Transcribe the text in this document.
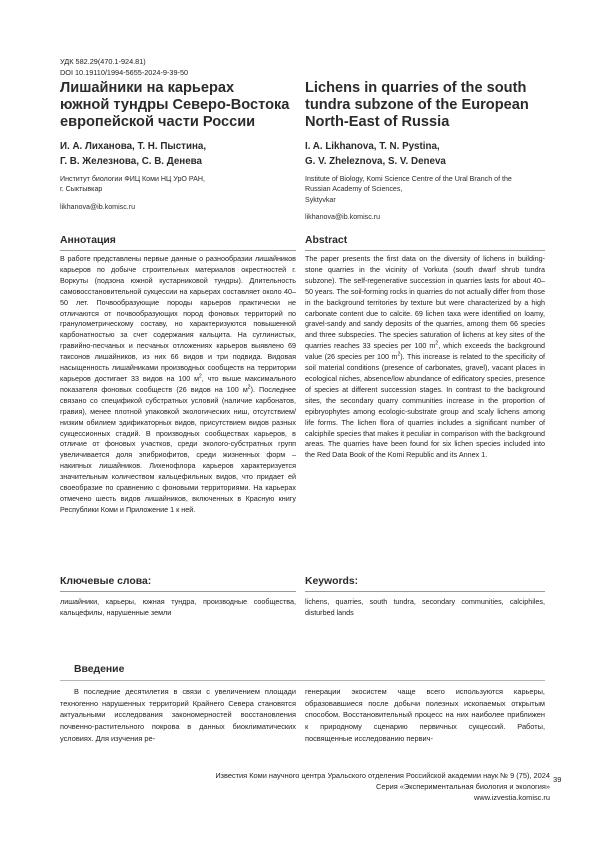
УДК 582.29(470.1-924.81)
DOI 10.19110/1994-5655-2024-9-39-50
Лишайники на карьерах
южной тундры Северо-Востока
европейской части России
И. А. Лиханова, Т. Н. Пыстина,
Г. В. Железнова, С. В. Денева
Институт биологии ФИЦ Коми НЦ УрО РАН,
г. Сыктывкар
likhanova@ib.komisc.ru
Lichens in quarries of the south
tundra subzone of the European
North-East of Russia
I. A. Likhanova, T. N. Pystina,
G. V. Zheleznova, S. V. Deneva
Institute of Biology, Komi Science Centre of the Ural Branch of the
Russian Academy of Sciences,
Syktyvkar
likhanova@ib.komisc.ru
Аннотация	Abstract

В работе представлены первые данные о разнообразии лишайников карьеров по добыче строительных материалов окрестностей г. Воркуты (подзона южной кустарниковой тундры). Длительность самовосстановительной сукцессии на карьерах составляет около 40–50 лет. Почвообразующие породы карьеров практически не отличаются от почвообразующих пород фоновых территорий по гранулометрическому составу, но характеризуются повышенной карбонатностью за счет содержания кальцита. На суглинистых, гравийно-песчаных и песчаных отложениях карьеров выявлено 69 таксонов лишайников, из них 66 видов и три подвида. Видовая насыщенность лишайниками производных сообществ на территории карьеров достигает 33 видов на 100 $м^2$, что выше максимального показателя фоновых сообществ (26 видов на 100 $м^2$). Последнее связано со спецификой субстратных условий (наличие карбонатов, гравия), менее плотной упаковкой экологических ниш, отсутствием/низким обилием эдификаторных видов, присутствием видов разных сукцессионных стадий. В производных сообществах карьеров, в отличие от фоновых участков, среди эколого-субстратных групп увеличивается доля эпибриофитов, среди жизненных форм – накипных лишайников. Лихенофлора карьеров характеризуется значительным количеством кальцефильных видов, что придает ей своеобразие по сравнению с фоновыми территориями. На карьерах отмечено шесть видов лишайников, включенных в Красную книгу Республики Коми и Приложение 1 к ней.

The paper presents the first data on the diversity of lichens in building-stone quarries in the vicinity of Vorkuta (south dwarf shrub tundra subzone). The self-regenerative succession in quarries lasts for about 40–50 years. The soil-forming rocks in quarries do not actually differ from those in the background territories by texture but were characterized by a high carbonate content due to calcite. 69 lichen taxa were identified on loamy, gravel-sandy and sandy deposits of the quarries, among them 66 species and three subspecies. The species saturation of lichens at key sites of the quarries reaches 33 species per 100 $m^2$, which exceeds the background value (26 species per 100 $m^2$). This increase is related to the specificity of soil material conditions (presence of carbonates, gravel), vacant places in ecological niches, absence/low abundance of edificatory species, presence of species at different succession stages. In contrast to the background sites, the secondary quarry communities increase in the proportion of epibryophytes among ecologic-substrate group and scaly lichens among life forms. The lichen flora of quarries includes a significant number of calciphile species that makes it peculiar in comparison with the background areas. The quarries have been found for six lichen species included into the Red Data Book of the Komi Republic and its Annex 1.

Ключевые слова:

лишайники, карьеры, южная тундра, производные сообщества, кальцефилы, нарушенные земли

Keywords:

lichens, quarries, south tundra, secondary communities, calciphiles, disturbed lands

Введение

В последние десятилетия в связи с увеличением площади техногенно нарушенных территорий Крайнего Севера становятся актуальными исследования закономерностей восстановления почвенно-растительного покрова в данных биоклиматических условиях. Для изучения ре-

генерации экосистем чаще всего используются карьеры, образовавшиеся после добычи полезных ископаемых открытым способом. Восстановительный процесс на них наиболее приближен к природному сценарию первичных сукцессий. Работы, посвященные исследованию первич-

Известия Коми научного центра Уральского отделения Российской академии наук № 9 (75), 2024
Серия «Экспериментальная биология и экология»
www.izvestia.komisc.ru
39
